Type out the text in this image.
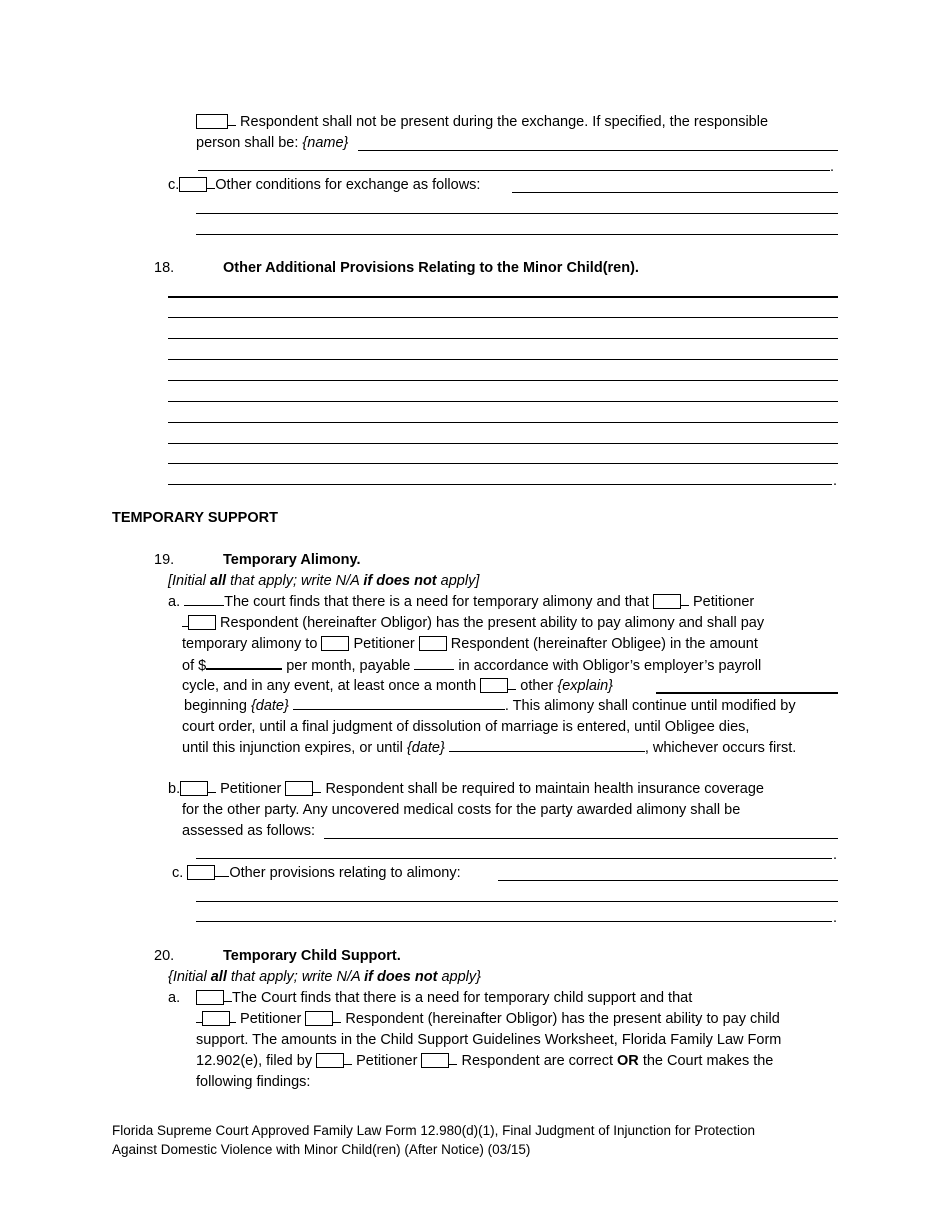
Respondent shall not be present during the exchange. If specified, the responsible
person shall be: {name}
.
c. Other conditions for exchange as follows:
18.	Other Additional Provisions Relating to the Minor Child(ren).
.
TEMPORARY SUPPORT
19.	Temporary Alimony.
[Initial all that apply; write N/A if does not apply]
a.	The court finds that there is a need for temporary alimony and that	Petitioner
Respondent (hereinafter Obligor) has the present ability to pay alimony and shall pay
temporary alimony to Petitioner Respondent (hereinafter Obligee) in the amount
of $	per month, payable	in accordance with Obligor’s employer’s payroll
cycle, and in any event, at least once a month	other {explain}
beginning {date}	. This alimony shall continue until modified by
court order, until a final judgment of dissolution of marriage is entered, until Obligee dies,
until this injunction expires, or until {date}	, whichever occurs first.
b.	Petitioner	Respondent shall be required to maintain health insurance coverage
for the other party. Any uncovered medical costs for the party awarded alimony shall be
assessed as follows:
.
c.	Other provisions relating to alimony:
.
20.	Temporary Child Support.
{Initial all that apply; write N/A if does not apply}
a.	The Court finds that there is a need for temporary child support and that
Petitioner	Respondent (hereinafter Obligor) has the present ability to pay child
support. The amounts in the Child Support Guidelines Worksheet, Florida Family Law Form
12.902(e), filed by	Petitioner	Respondent are correct OR the Court makes the
following findings:
Florida Supreme Court Approved Family Law Form 12.980(d)(1), Final Judgment of Injunction for Protection
Against Domestic Violence with Minor Child(ren) (After Notice) (03/15)
